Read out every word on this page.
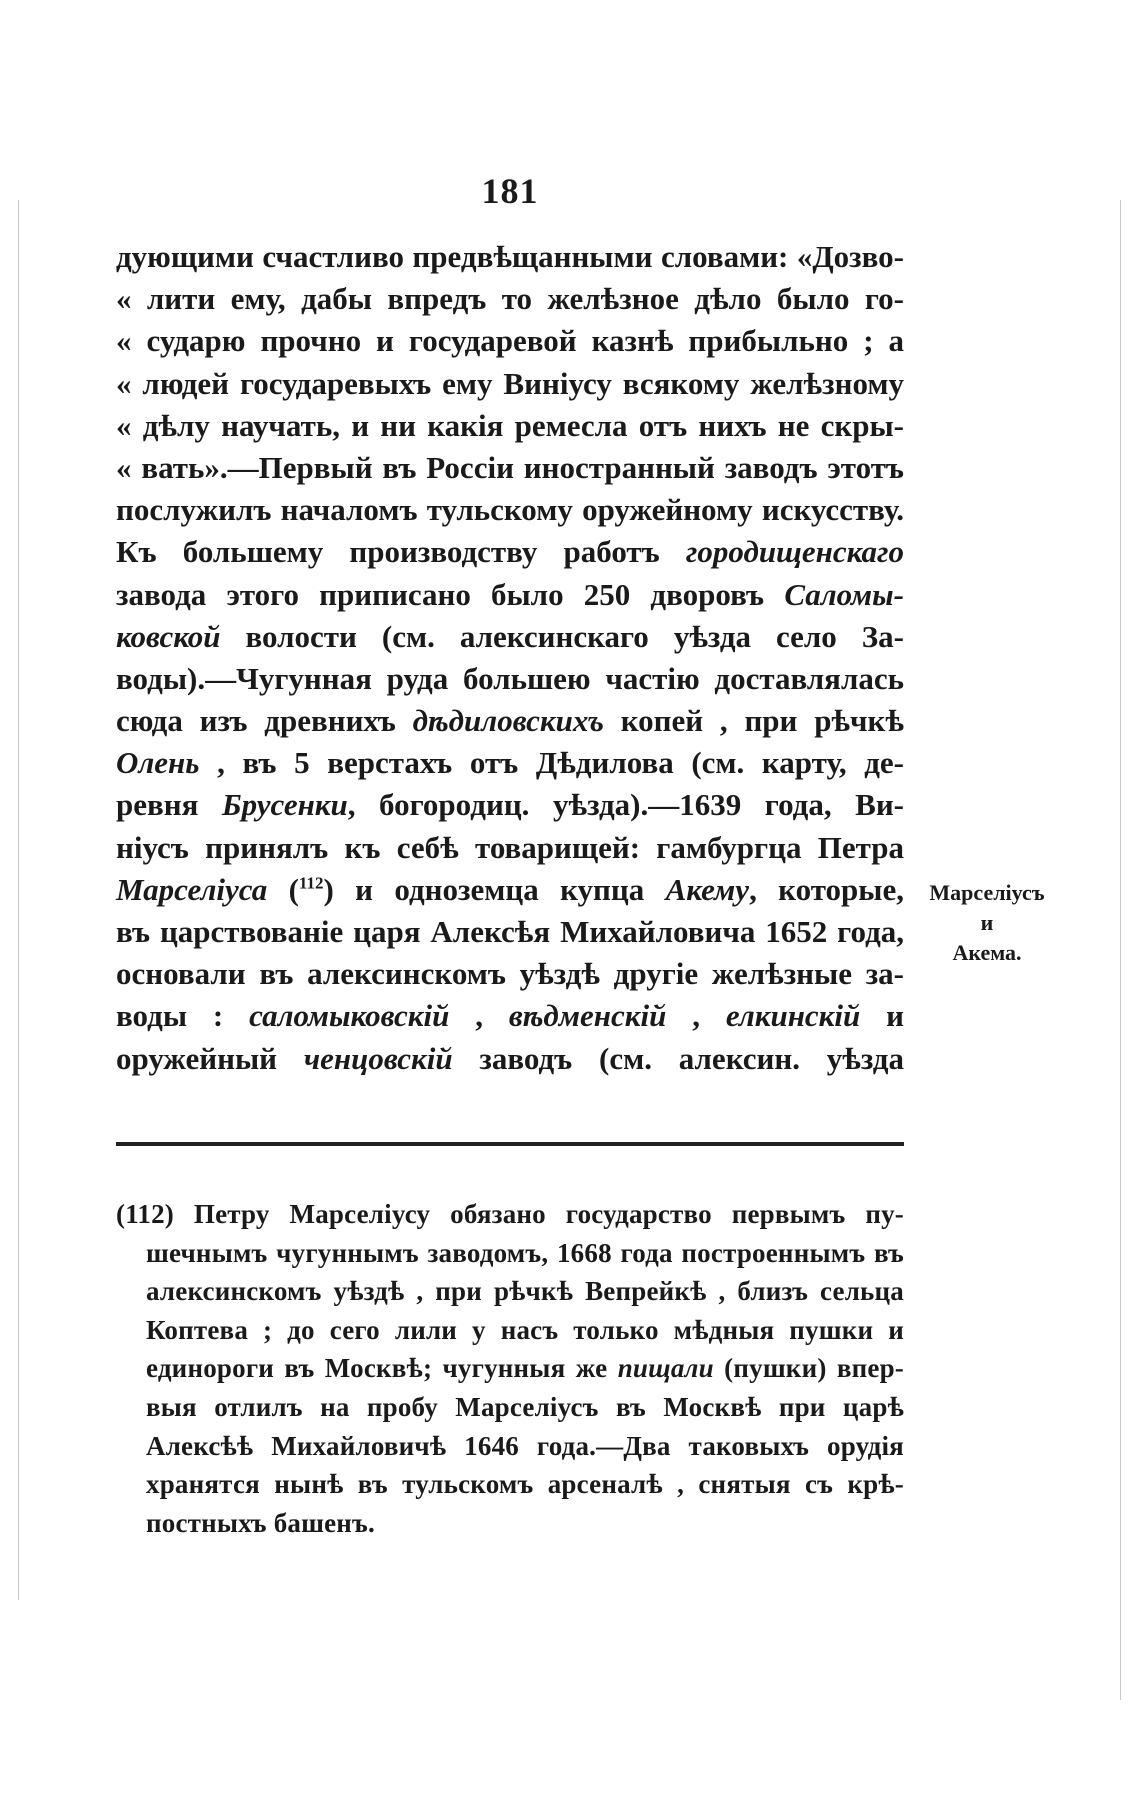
181
дующими счастливо предвѣщанными словами: «Дозво-
« лити ему, дабы впредъ то желѣзное дѣло было го-
« сударю прочно и государевой казнѣ прибыльно ; а
« людей государевыхъ ему Виніусу всякому желѣзному
« дѣлу научать, и ни какія ремесла отъ нихъ не скры-
« вать».—Первый въ Россіи иностранный заводъ этотъ
послужилъ началомъ тульскому оружейному искусству.
Къ большему производству работъ городищенскаго
завода этого приписано было 250 дворовъ Саломы-
ковской волости (см. алексинскаго уѣзда село За-
воды).—Чугунная руда большею частію доставлялась
сюда изъ древнихъ дѣдиловскихъ копей , при рѣчкѣ
Олень , въ 5 верстахъ отъ Дѣдилова (см. карту, де-
ревня Брусенки, богородиц. уѣзда).—1639 года, Ви-
ніусъ принялъ къ себѣ товарищей: гамбургца Петра
Марселіуса ($^{112}$) и одноземца купца Акему, которые,
въ царствованіе царя Алексѣя Михайловича 1652 года,
основали въ алексинскомъ уѣздѣ другіе желѣзные за-
воды : саломыковскій , вѣдменскій , елкинскій и
оружейный ченцовскій заводъ (см. алексин. уѣзда
Марселіусъ
и
Акема.
(112) Петру Марселіусу обязано государство первымъ пу-
шечнымъ чугуннымъ заводомъ, 1668 года построеннымъ въ
алексинскомъ уѣздѣ , при рѣчкѣ Вепрейкѣ , близъ сельца
Коптева ; до сего лили у насъ только мѣдныя пушки и
единороги въ Москвѣ; чугунныя же пищали (пушки) впер-
выя отлилъ на пробу Марселіусъ въ Москвѣ при царѣ
Алексѣѣ Михайловичѣ 1646 года.—Два таковыхъ орудія
хранятся нынѣ въ тульскомъ арсеналѣ , снятыя съ крѣ-
постныхъ башенъ.
